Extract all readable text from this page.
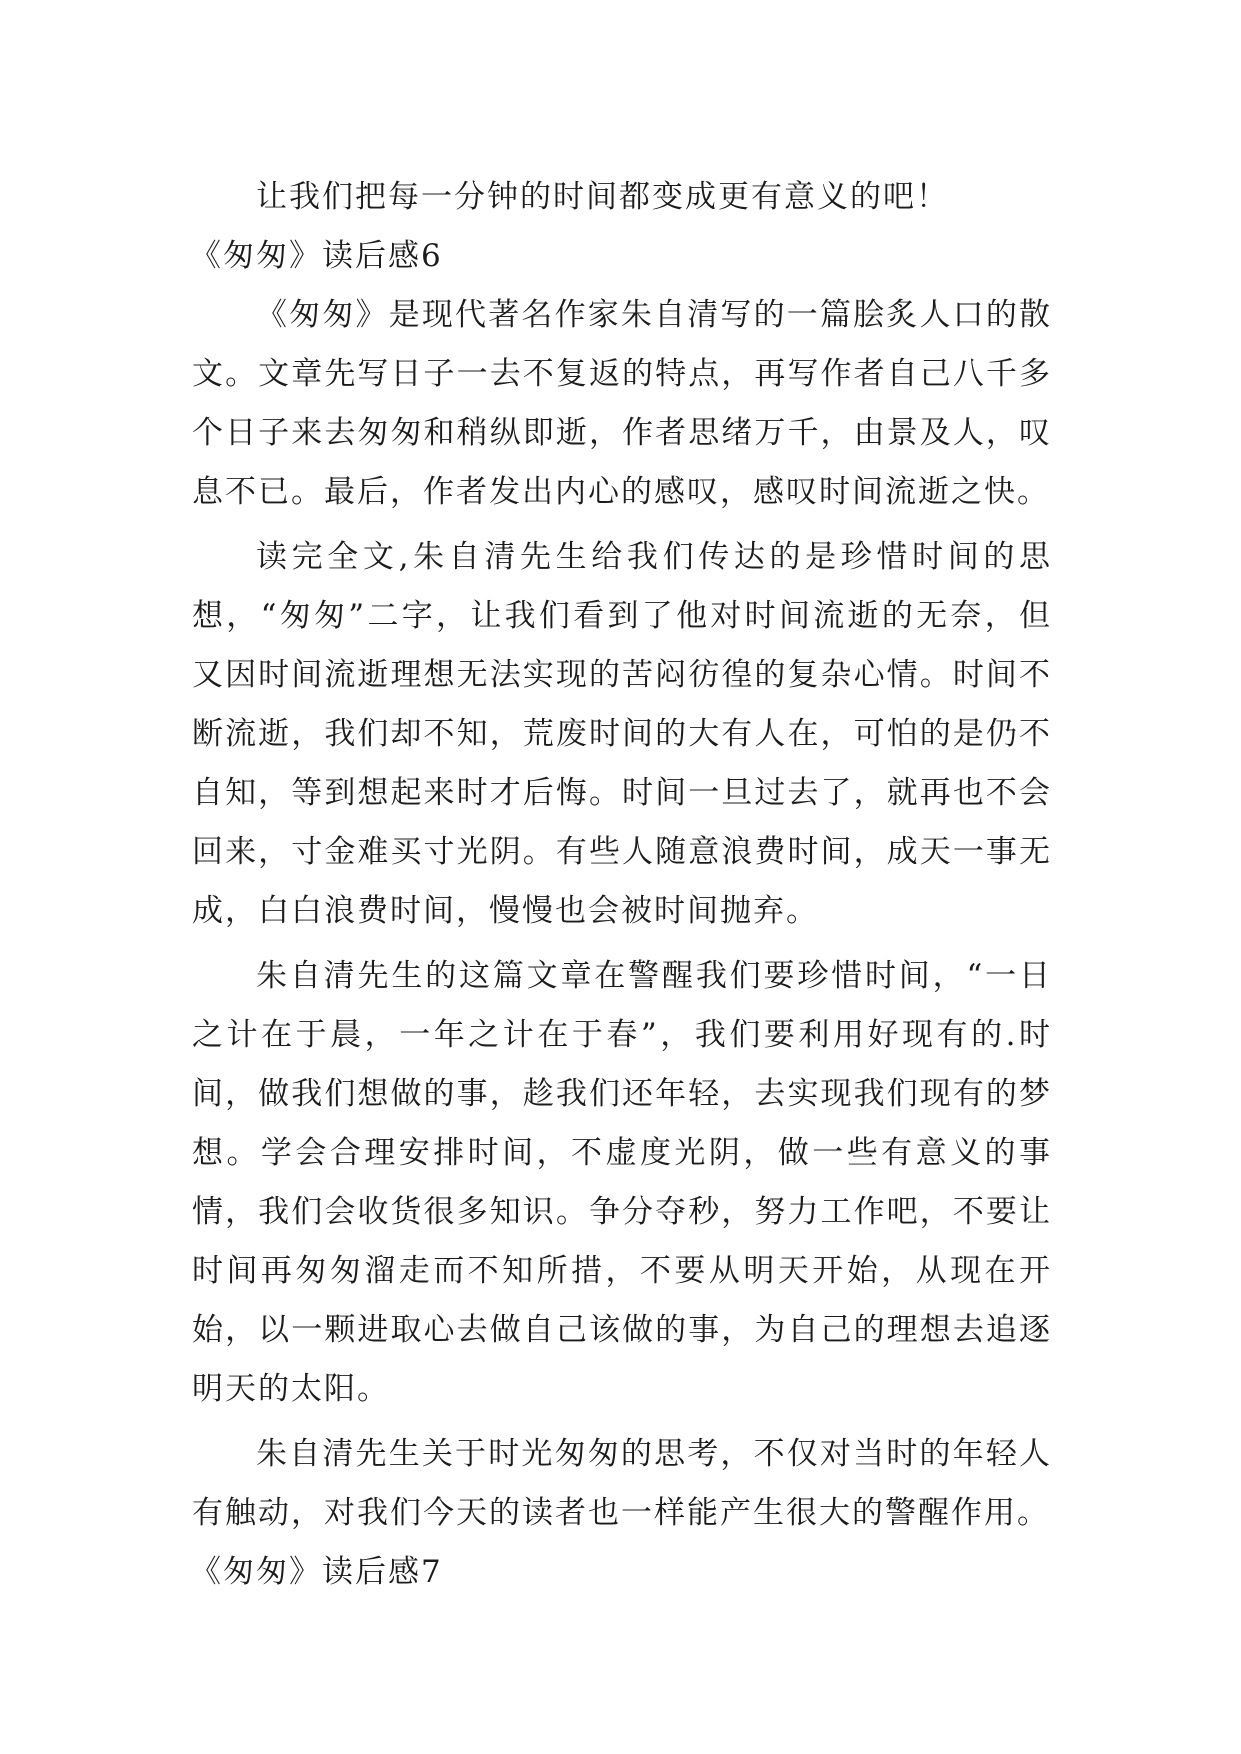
让我们把每一分钟的时间都变成更有意义的吧！

《匆匆》读后感6

《匆匆》是现代著名作家朱自清写的一篇脍炙人口的散文。文章先写日子一去不复返的特点，再写作者自己八千多个日子来去匆匆和稍纵即逝，作者思绪万千，由景及人，叹息不已。最后，作者发出内心的感叹，感叹时间流逝之快。

读完全文,朱自清先生给我们传达的是珍惜时间的思想，“匆匆”二字，让我们看到了他对时间流逝的无奈，但又因时间流逝理想无法实现的苦闷彷徨的复杂心情。时间不断流逝，我们却不知，荒废时间的大有人在，可怕的是仍不自知，等到想起来时才后悔。时间一旦过去了，就再也不会回来，寸金难买寸光阴。有些人随意浪费时间，成天一事无成，白白浪费时间，慢慢也会被时间抛弃。

朱自清先生的这篇文章在警醒我们要珍惜时间，“一日之计在于晨，一年之计在于春”，我们要利用好现有的.时间，做我们想做的事，趁我们还年轻，去实现我们现有的梦想。学会合理安排时间，不虚度光阴，做一些有意义的事情，我们会收货很多知识。争分夺秒，努力工作吧，不要让时间再匆匆溜走而不知所措，不要从明天开始，从现在开始，以一颗进取心去做自己该做的事，为自己的理想去追逐明天的太阳。

朱自清先生关于时光匆匆的思考，不仅对当时的年轻人有触动，对我们今天的读者也一样能产生很大的警醒作用。

《匆匆》读后感7
